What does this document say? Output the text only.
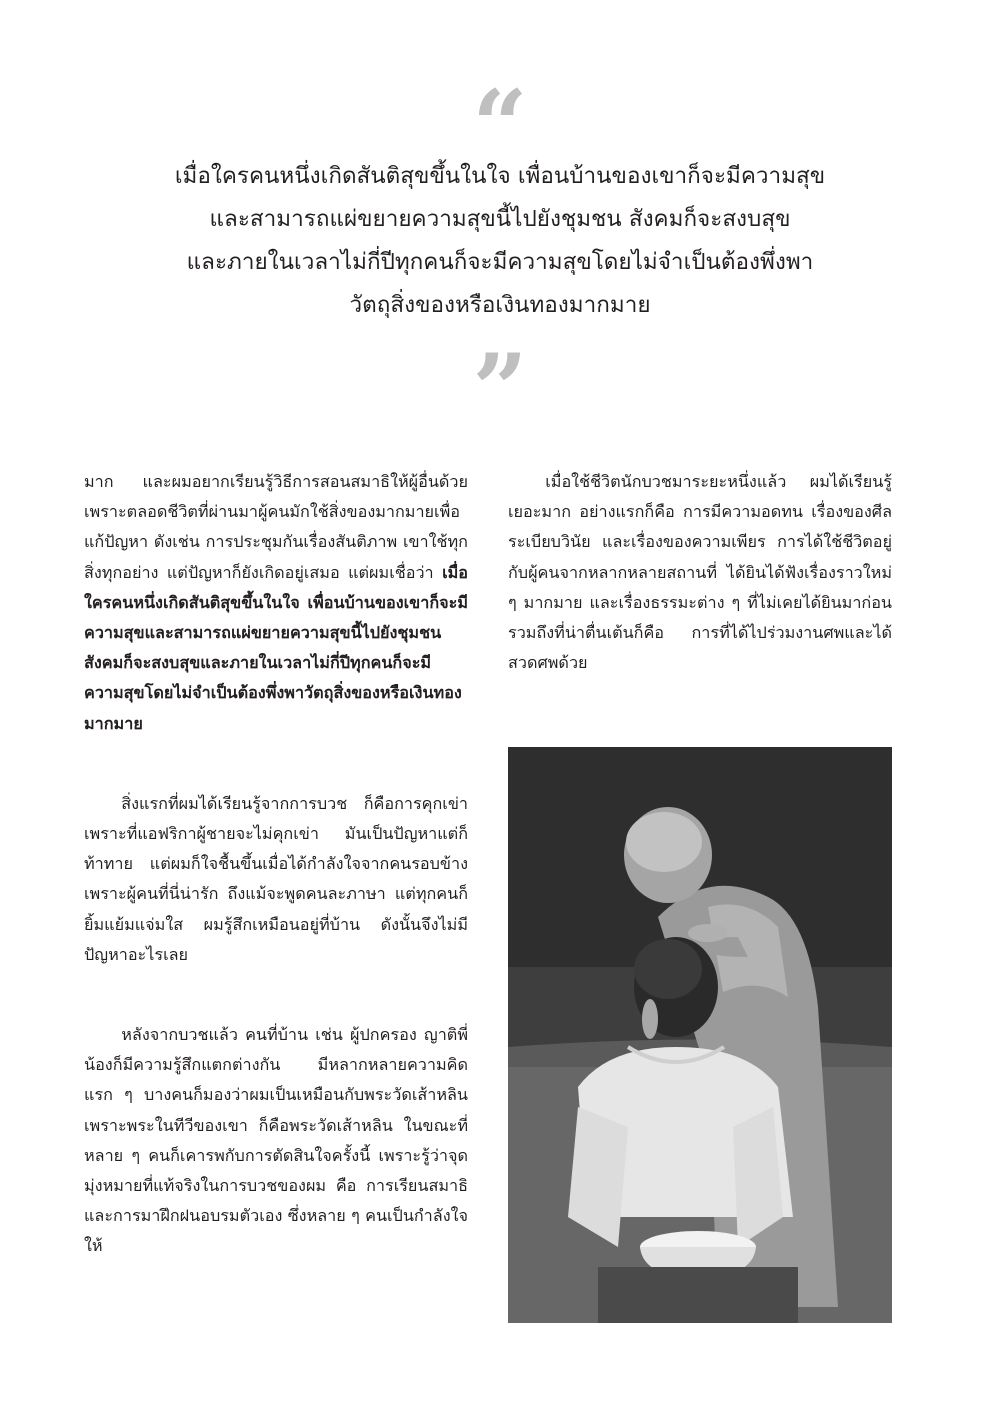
“
เมื่อใครคนหนึ่งเกิดสันติสุขขึ้นในใจ เพื่อนบ้านของเขาก็จะมีความสุข
และสามารถแผ่ขยายความสุขนี้ไปยังชุมชน สังคมก็จะสงบสุข
และภายในเวลาไม่กี่ปีทุกคนก็จะมีความสุขโดยไม่จำเป็นต้องพึ่งพา
วัตถุสิ่งของหรือเงินทองมากมาย
”

มาก และผมอยากเรียนรู้วิธีการสอนสมาธิให้ผู้อื่นด้วย เพราะตลอดชีวิตที่ผ่านมาผู้คนมักใช้สิ่งของมากมายเพื่อแก้ปัญหา ดังเช่น การประชุมกันเรื่องสันติภาพ เขาใช้ทุกสิ่งทุกอย่าง แต่ปัญหาก็ยังเกิดอยู่เสมอ แต่ผมเชื่อว่า เมื่อใครคนหนึ่งเกิดสันติสุขขึ้นในใจ เพื่อนบ้านของเขาก็จะมีความสุขและสามารถแผ่ขยายความสุขนี้ไปยังชุมชน สังคมก็จะสงบสุขและภายในเวลาไม่กี่ปีทุกคนก็จะมีความสุขโดยไม่จำเป็นต้องพึ่งพาวัตถุสิ่งของหรือเงินทองมากมาย

สิ่งแรกที่ผมได้เรียนรู้จากการบวช ก็คือการคุกเข่า เพราะที่แอฟริกาผู้ชายจะไม่คุกเข่า มันเป็นปัญหาแต่ก็ท้าทาย แต่ผมก็ใจชื้นขึ้นเมื่อได้กำลังใจจากคนรอบข้าง เพราะผู้คนที่นี่น่ารัก ถึงแม้จะพูดคนละภาษา แต่ทุกคนก็ยิ้มแย้มแจ่มใส ผมรู้สึกเหมือนอยู่ที่บ้าน ดังนั้นจึงไม่มีปัญหาอะไรเลย

หลังจากบวชแล้ว คนที่บ้าน เช่น ผู้ปกครอง ญาติพี่น้องก็มีความรู้สึกแตกต่างกัน มีหลากหลายความคิด แรก ๆ บางคนก็มองว่าผมเป็นเหมือนกับพระวัดเส้าหลิน เพราะพระในทีวีของเขา ก็คือพระวัดเส้าหลิน ในขณะที่หลาย ๆ คนก็เคารพกับการตัดสินใจครั้งนี้ เพราะรู้ว่าจุดมุ่งหมายที่แท้จริงในการบวชของผม คือ การเรียนสมาธิ และการมาฝึกฝนอบรมตัวเอง ซึ่งหลาย ๆ คนเป็นกำลังใจให้

เมื่อใช้ชีวิตนักบวชมาระยะหนึ่งแล้ว ผมได้เรียนรู้เยอะมาก อย่างแรกก็คือ การมีความอดทน เรื่องของศีล ระเบียบวินัย และเรื่องของความเพียร การได้ใช้ชีวิตอยู่กับผู้คนจากหลากหลายสถานที่ ได้ยินได้ฟังเรื่องราวใหม่ ๆ มากมาย และเรื่องธรรมะต่าง ๆ ที่ไม่เคยได้ยินมาก่อน รวมถึงที่น่าตื่นเต้นก็คือ การที่ได้ไปร่วมงานศพและได้สวดศพด้วย
